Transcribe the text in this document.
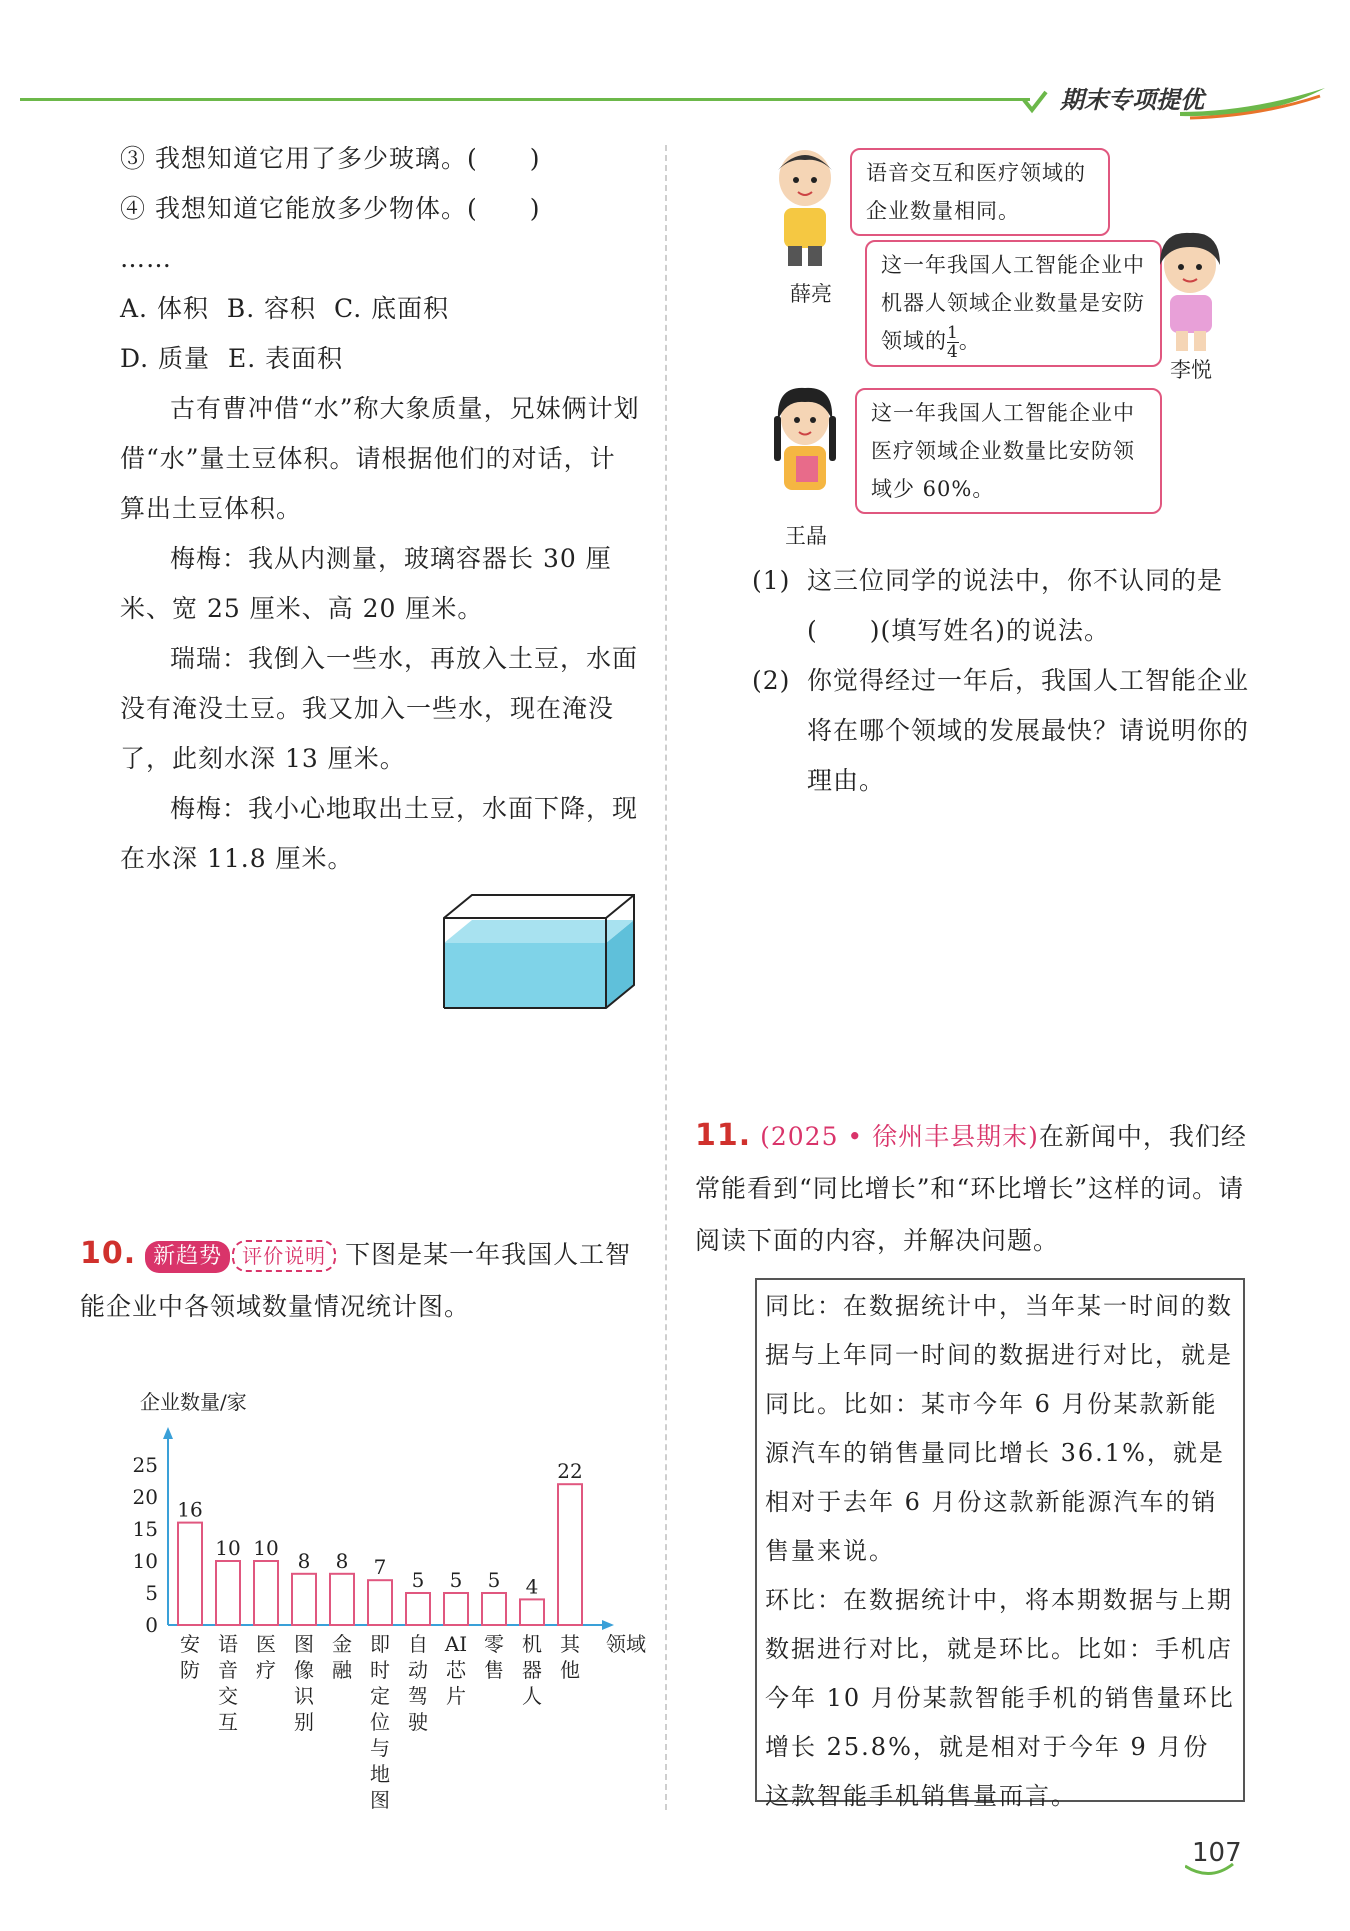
期末专项提优
③ 我想知道它用了多少玻璃。(　　)
④ 我想知道它能放多少物体。(　　)
……
A. 体积  B. 容积  C. 底面积
D. 质量  E. 表面积
古有曹冲借“水”称大象质量，兄妹俩计划借“水”量土豆体积。请根据他们的对话，计算出土豆体积。
梅梅：我从内测量，玻璃容器长 30 厘米、宽 25 厘米、高 20 厘米。
瑞瑞：我倒入一些水，再放入土豆，水面没有淹没土豆。我又加入一些水，现在淹没了，此刻水深 13 厘米。
梅梅：我小心地取出土豆，水面下降，现在水深 11.8 厘米。
10. 新趋势 评价说明 下图是某一年我国人工智能企业中各领域数量情况统计图。
企业数量/家
领域
0
5
10
15
20
25
16
安
防
10
语
音
交
互
10
医
疗
8
图
像
识
别
8
金
融
7
即
时
定
位
与
地
图
5
自
动
驾
驶
5
AI
芯
片
5
零
售
4
机
器
人
22
其
他
薛亮
语音交互和医疗领域的企业数量相同。
这一年我国人工智能企业中机器人领域企业数量是安防领域的 $\frac{1}{4}$ 。
李悦
王晶
这一年我国人工智能企业中医疗领域企业数量比安防领域少 60%。
(1) 这三位同学的说法中，你不认同的是(　　)(填写姓名)的说法。
(2) 你觉得经过一年后，我国人工智能企业将在哪个领域的发展最快？请说明你的理由。
11. (2025 • 徐州丰县期末)在新闻中，我们经常能看到“同比增长”和“环比增长”这样的词。请阅读下面的内容，并解决问题。

同比：在数据统计中，当年某一时间的数据与上年同一时间的数据进行对比，就是同比。比如：某市今年 6 月份某款新能源汽车的销售量同比增长 36.1%，就是相对于去年 6 月份这款新能源汽车的销售量来说。

环比：在数据统计中，将本期数据与上期数据进行对比，就是环比。比如：手机店今年 10 月份某款智能手机的销售量环比增长 25.8%，就是相对于今年 9 月份这款智能手机销售量而言。

107
